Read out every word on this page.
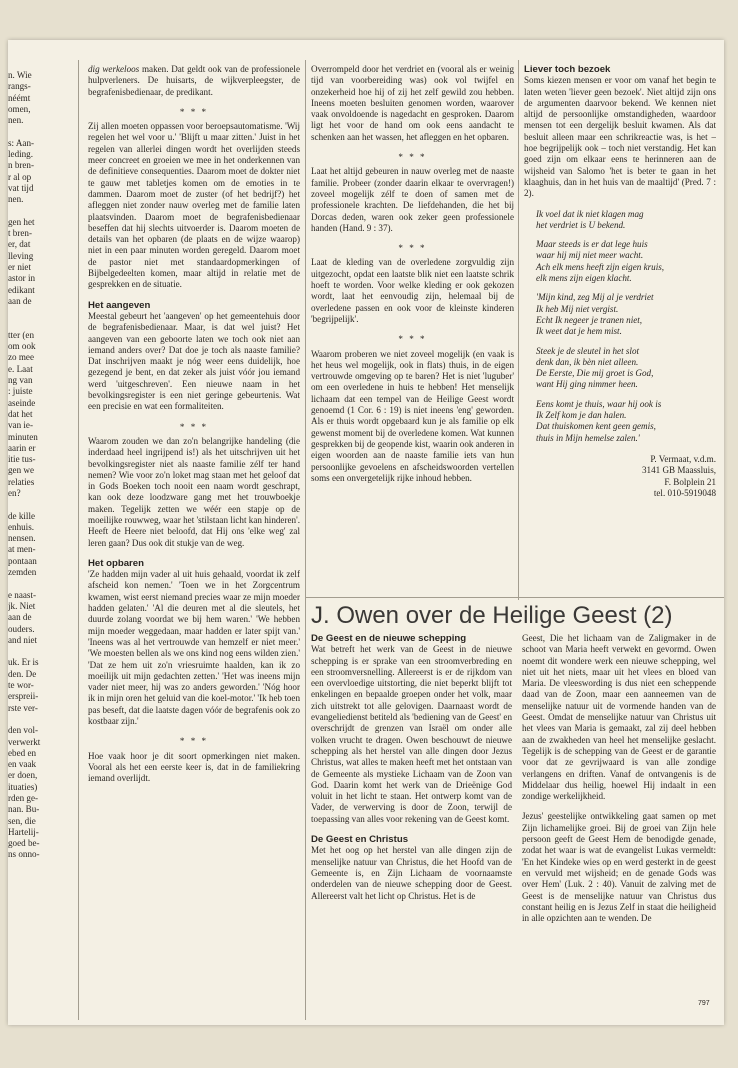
n. Wie
rangs-
néémt
omen,
nen.

s: Aan-
leding.
n bren-
r al op
vat tijd
nen.

gen het
t bren-
er, dat
lleving
er niet
astor in
edikant
aan de

tter (en
om ook
zo mee
e. Laat
ng van
: juiste
aseinde
dat het
van ie-
minuten
aarin er
itie tus-
gen we
relaties
en?

de kille
enhuis.
nensen.
at men-
pontaan
zemden

e naast-
jk. Niet
aan de
ouders.
and niet

uk. Er is
den. De
te wor-
erspreii-
rste ver-

den vol-
verwerkt
ebed en
en vaak
er doen,
ituaties)
rden ge-
nan. Bu-
sen, die
Hartelij-
goed be-
ns onno-

dig werkeloos maken. Dat geldt ook van de professionele hulpverleners. De huisarts, de wijkverpleegster, de begrafenisbedienaar, de predikant.

* * *

Zij allen moeten oppassen voor beroepsautomatisme. 'Wij regelen het wel voor u.' 'Blijft u maar zitten.' Juist in het regelen van allerlei dingen wordt het overlijden steeds meer concreet en groeien we mee in het onderkennen van de definitieve consequenties. Daarom moet de dokter niet te gauw met tabletjes komen om de emoties in te dammen. Daarom moet de zuster (of het bedrijf?) het afleggen niet zonder nauw overleg met de familie laten plaatsvinden. Daarom moet de begrafenisbedienaar beseffen dat hij slechts uitvoerder is. Daarom moeten de details van het opbaren (de plaats en de wijze waarop) niet in een paar minuten worden geregeld. Daarom moet de pastor niet met standaardopmerkingen of Bijbelgedeelten komen, maar altijd in relatie met de gesprekken en de situatie.

Het aangeven

Meestal gebeurt het 'aangeven' op het gemeentehuis door de begrafenisbedienaar. Maar, is dat wel juist? Het aangeven van een geboorte laten we toch ook niet aan iemand anders over? Dat doe je toch als naaste familie? Dat inschrijven maakt je nóg weer eens duidelijk, hoe gezegend je bent, en dat zeker als juist vóór jou iemand werd 'uitgeschreven'. Een nieuwe naam in het bevolkingsregister is een niet geringe gebeurtenis. Wat een precisie en wat een formaliteiten.

* * *

Waarom zouden we dan zo'n belangrijke handeling (die inderdaad heel ingrijpend is!) als het uitschrijven uit het bevolkingsregister niet als naaste familie zélf ter hand nemen? Wie voor zo'n loket mag staan met het geloof dat in Gods Boeken toch nooit een naam wordt geschrapt, kan ook deze loodzware gang met het trouwboekje maken. Tegelijk zetten we wéér een stapje op de moeilijke rouwweg, waar het 'stilstaan licht kan hinderen'. Heeft de Heere niet beloofd, dat Hij ons 'elke weg' zal leren gaan? Dus ook dit stukje van de weg.

Het opbaren

'Ze hadden mijn vader al uit huis gehaald, voordat ik zelf afscheid kon nemen.' 'Toen we in het Zorgcentrum kwamen, wist eerst niemand precies waar ze mijn moeder hadden gelaten.' 'Al die deuren met al die sleutels, het duurde zolang voordat we bij hem waren.' 'We hebben mijn moeder weggedaan, maar hadden er later spijt van.' 'Ineens was al het vertrouwde van hemzelf er niet meer.' 'We moesten bellen als we ons kind nog eens wilden zien.' 'Dat ze hem uit zo'n vriesruimte haalden, kan ik zo moeilijk uit mijn gedachten zetten.' 'Het was ineens mijn vader niet meer, hij was zo anders geworden.' 'Nóg hoor ik in mijn oren het geluid van die koel-motor.' 'Ik heb toen pas beseft, dat die laatste dagen vóór de begrafenis ook zo kostbaar zijn.'

* * *

Hoe vaak hoor je dit soort opmerkingen niet maken. Vooral als het een eerste keer is, dat in de familiekring iemand overlijdt.

Overrompeld door het verdriet en (vooral als er weinig tijd van voorbereiding was) ook vol twijfel en onzekerheid hoe hij of zij het zelf gewild zou hebben. Ineens moeten besluiten genomen worden, waarover vaak onvoldoende is nagedacht en gesproken. Daarom ligt het voor de hand om ook eens aandacht te schenken aan het wassen, het afleggen en het opbaren.

* * *

Laat het altijd gebeuren in nauw overleg met de naaste familie. Probeer (zonder daarin elkaar te overvragen!) zoveel mogelijk zélf te doen of samen met de professionele krachten. De liefdehanden, die het bij Dorcas deden, waren ook zeker geen professionele handen (Hand. 9 : 37).

* * *

Laat de kleding van de overledene zorgvuldig zijn uitgezocht, opdat een laatste blik niet een laatste schrik hoeft te worden. Voor welke kleding er ook gekozen wordt, laat het eenvoudig zijn, helemaal bij de overledene passen en ook voor de kleinste kinderen 'begrijpelijk'.

* * *

Waarom proberen we niet zoveel mogelijk (en vaak is het heus wel mogelijk, ook in flats) thuis, in de eigen vertrouwde omgeving op te baren? Het is niet 'luguber' om een overledene in huis te hebben! Het menselijk lichaam dat een tempel van de Heilige Geest wordt genoemd (1 Cor. 6 : 19) is niet ineens 'eng' geworden. Als er thuis wordt opgebaard kun je als familie op elk gewenst moment bij de overledene komen. Wat kunnen gesprekken bij de geopende kist, waarin ook anderen in eigen woorden aan de naaste familie iets van hun persoonlijke gevoelens en afscheidswoorden vertellen soms een onvergetelijk rijke inhoud hebben.

Liever toch bezoek

Soms kiezen mensen er voor om vanaf het begin te laten weten 'liever geen bezoek'. Niet altijd zijn ons de argumenten daarvoor bekend. We kennen niet altijd de persoonlijke omstandigheden, waardoor mensen tot een dergelijk besluit kwamen. Als dat besluit alleen maar een schrikreactie was, is het – hoe begrijpelijk ook – toch niet verstandig. Het kan goed zijn om elkaar eens te herinneren aan de wijsheid van Salomo 'het is beter te gaan in het klaaghuis, dan in het huis van de maaltijd' (Pred. 7 : 2).

Ik voel dat ik niet klagen mag
het verdriet is U bekend.

Maar steeds is er dat lege huis
waar hij mij niet meer wacht.
Ach elk mens heeft zijn eigen kruis,
elk mens zijn eigen klacht.

'Mijn kind, zeg Mij al je verdriet
Ik heb Mij niet vergist.
Echt Ik negeer je tranen niet,
Ik weet dat je hem mist.

Steek je de sleutel in het slot
denk dan, ik bèn niet alleen.
De Eerste, Die mij groet is God,
want Hij ging nimmer heen.

Eens komt je thuis, waar hij ook is
Ik Zelf kom je dan halen.
Dat thuiskomen kent geen gemis,
thuis in Mijn hemelse zalen.'

P. Vermaat, v.d.m.
3141 GB Maassluis,
F. Bolplein 21
tel. 010-5919048

J. Owen over de Heilige Geest (2)
De Geest en de nieuwe schepping

Wat betreft het werk van de Geest in de nieuwe schepping is er sprake van een stroomverbreding en een stroomversnelling. Allereerst is er de rijkdom van een overvloedige uitstorting, die niet beperkt blijft tot enkelingen en bepaalde groepen onder het volk, maar zich uitstrekt tot alle gelovigen. Daarnaast wordt de evangeliedienst betiteld als 'bediening van de Geest' en overschrijdt de grenzen van Israël om onder alle volken vrucht te dragen. Owen beschouwt de nieuwe schepping als het herstel van alle dingen door Jezus Christus, wat alles te maken heeft met het ontstaan van de Gemeente als mystieke Lichaam van de Zoon van God. Daarin komt het werk van de Drieënige God voluit in het licht te staan. Het ontwerp komt van de Vader, de verwerving is door de Zoon, terwijl de toepassing van alles voor rekening van de Geest komt.

De Geest en Christus

Met het oog op het herstel van alle dingen zijn de menselijke natuur van Christus, die het Hoofd van de Gemeente is, en Zijn Lichaam de voornaamste onderdelen van de nieuwe schepping door de Geest. Allereerst valt het licht op Christus. Het is de

Geest, Die het lichaam van de Zaligmaker in de schoot van Maria heeft verwekt en gevormd. Owen noemt dit wondere werk een nieuwe schepping, wel niet uit het niets, maar uit het vlees en bloed van Maria. De vleeswording is dus niet een scheppende daad van de Zoon, maar een aanneemen van de menselijke natuur uit de vormende handen van de Geest. Omdat de menselijke natuur van Christus uit het vlees van Maria is gemaakt, zal zij deel hebben aan de zwakheden van heel het menselijke geslacht. Tegelijk is de schepping van de Geest er de garantie voor dat ze gevrijwaard is van alle zondige verlangens en driften. Vanaf de ontvangenis is de Middelaar dus heilig, hoewel Hij indaalt in een zondige werkelijkheid.

Jezus' geestelijke ontwikkeling gaat samen op met Zijn lichamelijke groei. Bij de groei van Zijn hele persoon geeft de Geest Hem de benodigde genade, zodat het waar is wat de evangelist Lukas vermeldt: 'En het Kindeke wies op en werd gesterkt in de geest en vervuld met wijsheid; en de genade Gods was over Hem' (Luk. 2 : 40). Vanuit de zalving met de Geest is de menselijke natuur van Christus dus constant heilig en is Jezus Zelf in staat die heiligheid in alle opzichten aan te wenden. De

797
